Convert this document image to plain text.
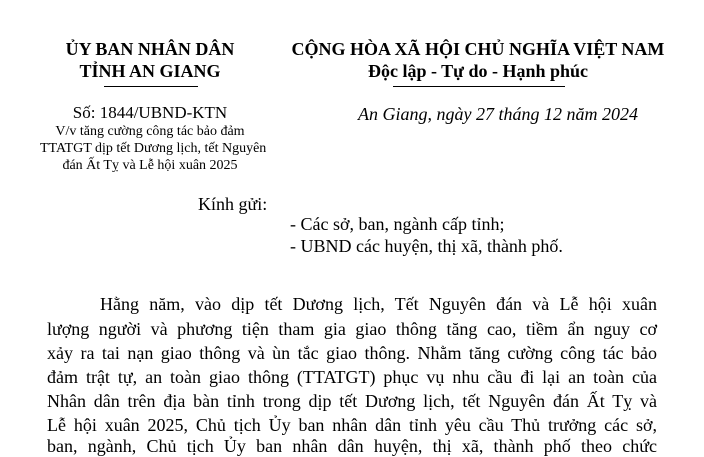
ỦY BAN NHÂN DÂN
TỈNH AN GIANG
CỘNG HÒA XÃ HỘI CHỦ NGHĨA VIỆT NAM
Độc lập - Tự do - Hạnh phúc
Số: 1844/UBND-KTN
V/v tăng cường công tác bảo đảm
TTATGT dịp tết Dương lịch, tết Nguyên
đán Ất Tỵ và Lễ hội xuân 2025
An Giang, ngày 27 tháng 12 năm 2024
Kính gửi:
- Các sở, ban, ngành cấp tỉnh;
- UBND các huyện, thị xã, thành phố.
Hằng năm, vào dịp tết Dương lịch, Tết Nguyên đán và Lễ hội xuân
lượng người và phương tiện tham gia giao thông tăng cao, tiềm ẩn nguy cơ
xảy ra tai nạn giao thông và ùn tắc giao thông. Nhằm tăng cường công tác bảo
đảm trật tự, an toàn giao thông (TTATGT) phục vụ nhu cầu đi lại an toàn của
Nhân dân trên địa bàn tỉnh trong dịp tết Dương lịch, tết Nguyên đán Ất Tỵ và
Lễ hội xuân 2025, Chủ tịch Ủy ban nhân dân tỉnh yêu cầu Thủ trưởng các sở,
ban, ngành, Chủ tịch Ủy ban nhân dân huyện, thị xã, thành phố theo chức
